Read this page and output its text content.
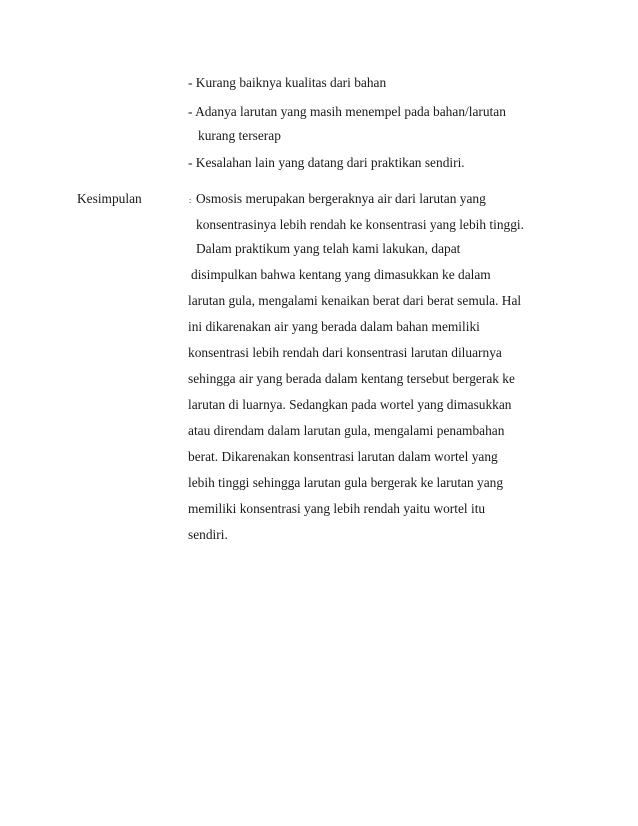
- Kurang baiknya kualitas dari bahan
- Adanya larutan yang masih menempel pada bahan/larutan
kurang terserap
- Kesalahan lain yang datang dari praktikan sendiri.
Kesimpulan	: Osmosis merupakan bergeraknya air dari larutan yang
konsentrasinya lebih rendah ke konsentrasi yang lebih tinggi.
Dalam praktikum yang telah kami lakukan, dapat
disimpulkan bahwa kentang yang dimasukkan ke dalam
larutan gula, mengalami kenaikan berat dari berat semula. Hal
ini dikarenakan air yang berada dalam bahan memiliki
konsentrasi lebih rendah dari konsentrasi larutan diluarnya
sehingga air yang berada dalam kentang tersebut bergerak ke
larutan di luarnya. Sedangkan pada wortel yang dimasukkan
atau direndam dalam larutan gula, mengalami penambahan
berat. Dikarenakan konsentrasi larutan dalam wortel yang
lebih tinggi sehingga larutan gula bergerak ke larutan yang
memiliki konsentrasi yang lebih rendah yaitu wortel itu
sendiri.
